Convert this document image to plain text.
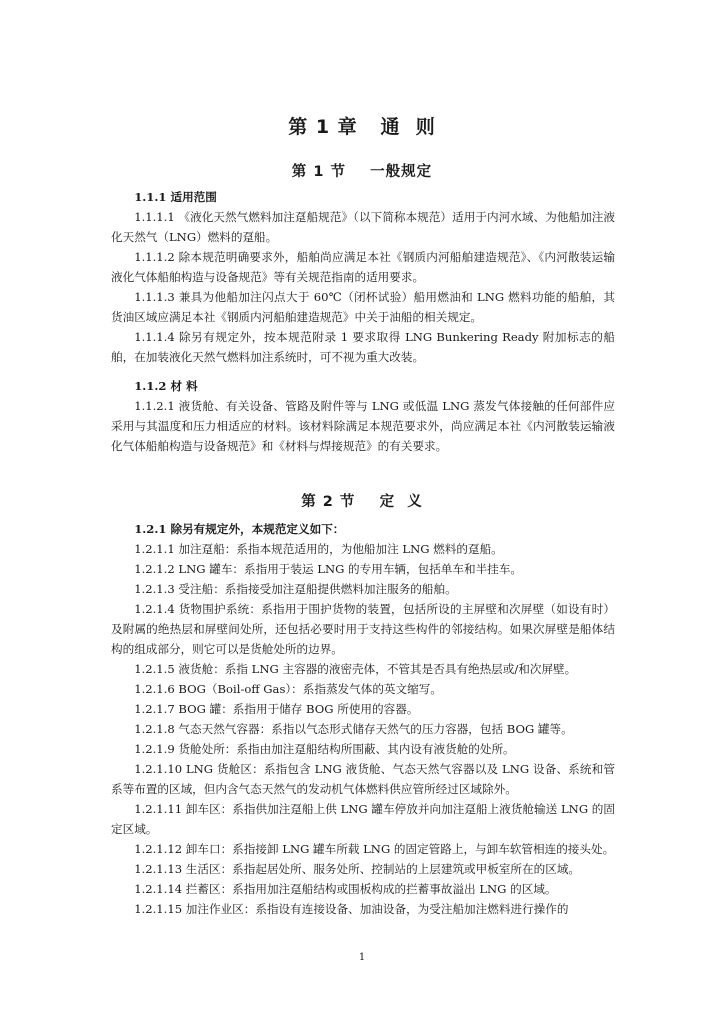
第 1 章   通  则
第 1 节    一般规定

1.1.1 适用范围

1.1.1.1 《液化天然气燃料加注趸船规范》（以下简称本规范）适用于内河水域、为他船加注液化天然气（LNG）燃料的趸船。

1.1.1.2 除本规范明确要求外，船舶尚应满足本社《钢质内河船舶建造规范》、《内河散装运输液化气体船舶构造与设备规范》等有关规范指南的适用要求。

1.1.1.3 兼具为他船加注闪点大于 60℃（闭杯试验）船用燃油和 LNG 燃料功能的船舶，其货油区域应满足本社《钢质内河船舶建造规范》中关于油船的相关规定。

1.1.1.4 除另有规定外，按本规范附录 1 要求取得 LNG Bunkering Ready 附加标志的船舶，在加装液化天然气燃料加注系统时，可不视为重大改装。

1.1.2 材 料

1.1.2.1 液货舱、有关设备、管路及附件等与 LNG 或低温 LNG 蒸发气体接触的任何部件应采用与其温度和压力相适应的材料。该材料除满足本规范要求外，尚应满足本社《内河散装运输液化气体船舶构造与设备规范》和《材料与焊接规范》的有关要求。

第 2 节    定  义

1.2.1 除另有规定外，本规范定义如下：

1.2.1.1 加注趸船：系指本规范适用的，为他船加注 LNG 燃料的趸船。

1.2.1.2 LNG 罐车：系指用于装运 LNG 的专用车辆，包括单车和半挂车。

1.2.1.3 受注船：系指接受加注趸船提供燃料加注服务的船舶。

1.2.1.4 货物围护系统：系指用于围护货物的装置，包括所设的主屏壁和次屏壁（如设有时）及附属的绝热层和屏壁间处所，还包括必要时用于支持这些构件的邻接结构。如果次屏壁是船体结构的组成部分，则它可以是货舱处所的边界。

1.2.1.5 液货舱：系指 LNG 主容器的液密壳体，不管其是否具有绝热层或/和次屏壁。

1.2.1.6 BOG（Boil-off Gas）：系指蒸发气体的英文缩写。

1.2.1.7 BOG 罐：系指用于储存 BOG 所使用的容器。

1.2.1.8 气态天然气容器：系指以气态形式储存天然气的压力容器，包括 BOG 罐等。

1.2.1.9 货舱处所：系指由加注趸船结构所围蔽、其内设有液货舱的处所。

1.2.1.10 LNG 货舱区：系指包含 LNG 液货舱、气态天然气容器以及 LNG 设备、系统和管系等布置的区域，但内含气态天然气的发动机气体燃料供应管所经过区域除外。

1.2.1.11 卸车区：系指供加注趸船上供 LNG 罐车停放并向加注趸船上液货舱输送 LNG 的固定区域。

1.2.1.12 卸车口：系指接卸 LNG 罐车所载 LNG 的固定管路上，与卸车软管相连的接头处。

1.2.1.13 生活区：系指起居处所、服务处所、控制站的上层建筑或甲板室所在的区域。

1.2.1.14 拦蓄区：系指用加注趸船结构或围板构成的拦蓄事故溢出 LNG 的区域。

1.2.1.15 加注作业区：系指设有连接设备、加油设备，为受注船加注燃料进行操作的

1
